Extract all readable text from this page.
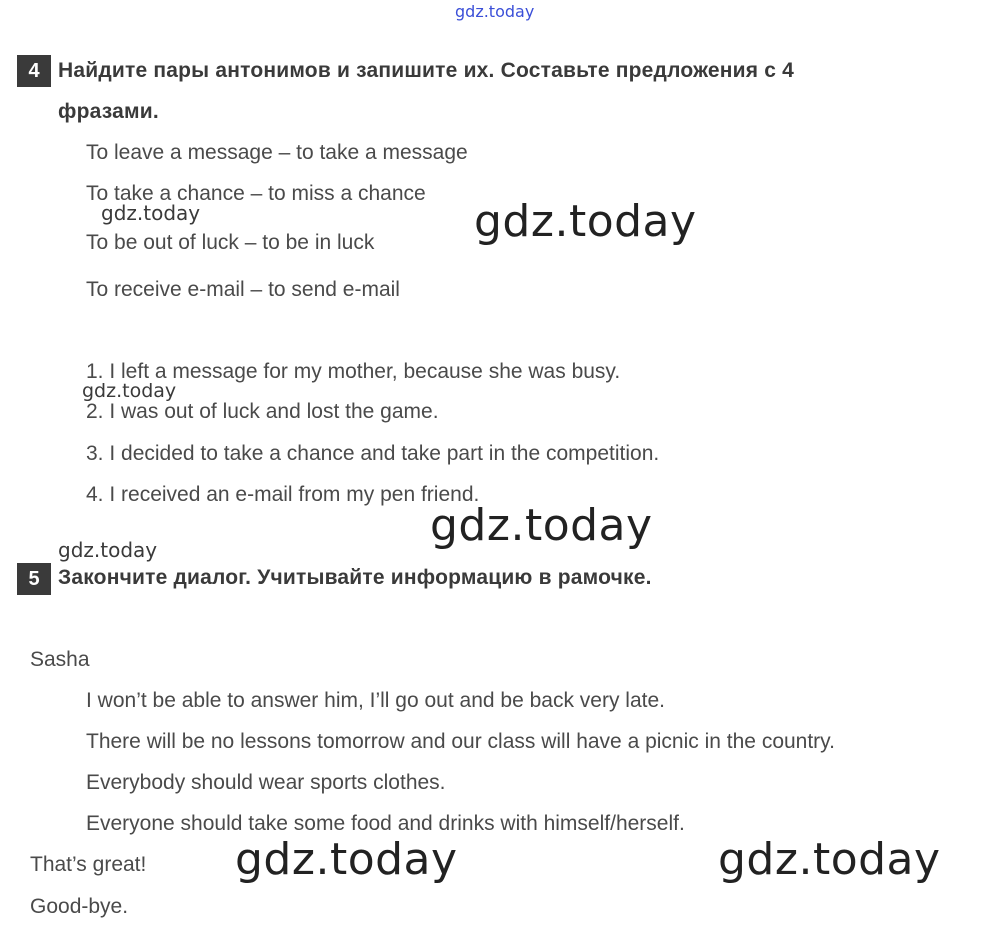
gdz.today
4 Найдите пары антонимов и запишите их. Составьте предложения с 4
фразами.
To leave a message – to take a message
To take a chance – to miss a chance
To be out of luck – to be in luck
To receive e-mail – to send e-mail
1. I left a message for my mother, because she was busy.
2. I was out of luck and lost the game.
3. I decided to take a chance and take part in the competition.
4. I received an e-mail from my pen friend.
5 Закончите диалог. Учитывайте информацию в рамочке.
Sasha
I won’t be able to answer him, I’ll go out and be back very late.
There will be no lessons tomorrow and our class will have a picnic in the country.
Everybody should wear sports clothes.
Everyone should take some food and drinks with himself/herself.
That’s great!
Good-bye.
gdz.today	gdz.today
gdz.today
gdz.today
gdz.today
gdz.today	gdz.today
